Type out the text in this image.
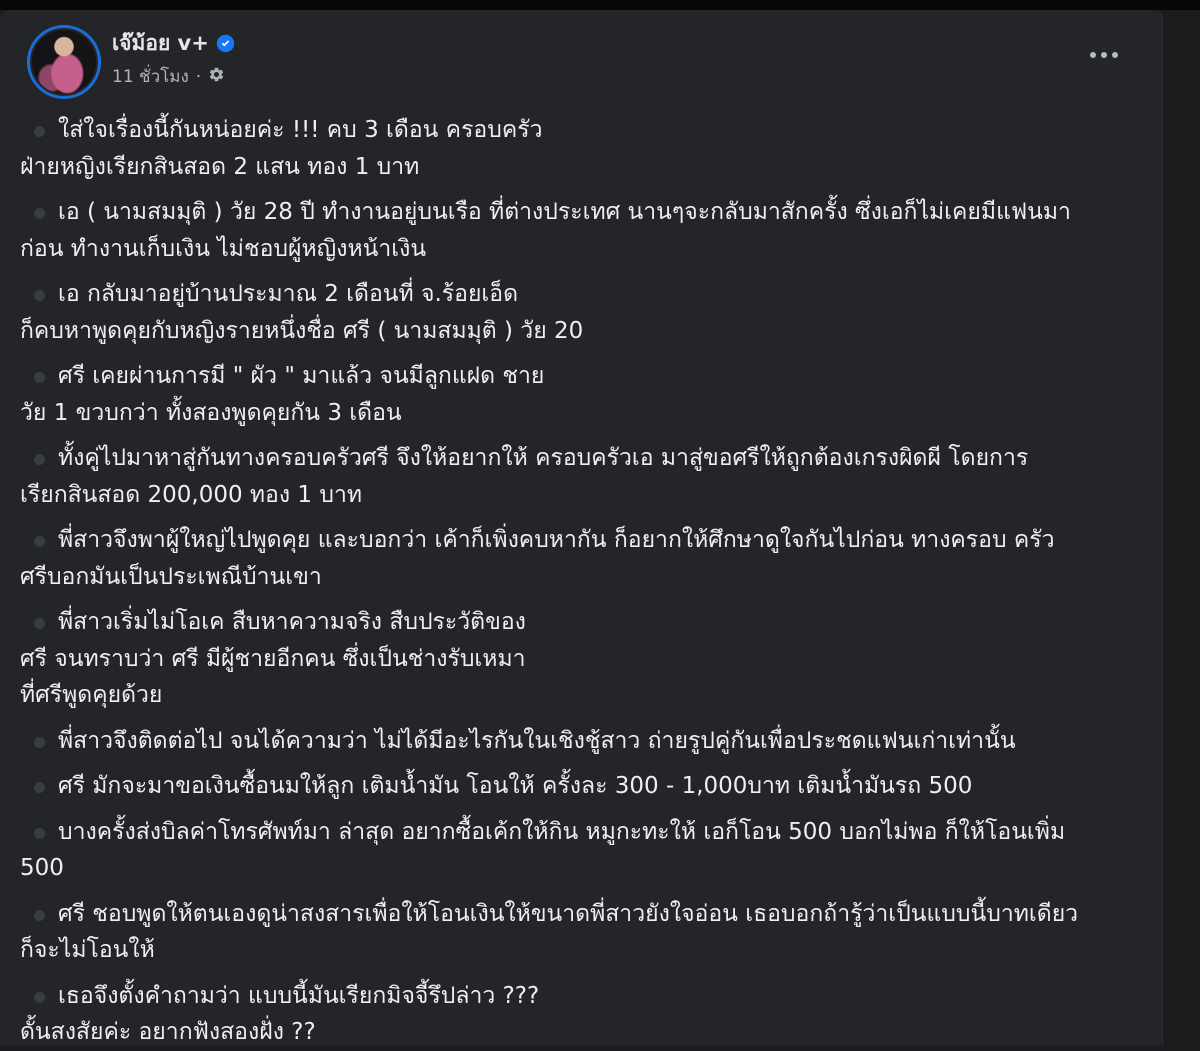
เจ๊ม้อย v+
11 ชั่วโมง ·
ใส่ใจเรื่องนี้กันหน่อยค่ะ !!! คบ 3 เดือน ครอบครัว
ฝ่ายหญิงเรียกสินสอด 2 แสน ทอง 1 บาท
เอ ( นามสมมุติ ) วัย 28 ปี ทำงานอยู่บนเรือ ที่ต่างประเทศ นานๆจะกลับมาสักครั้ง ซึ่งเอก็ไม่เคยมีแฟนมา
ก่อน ทำงานเก็บเงิน ไม่ชอบผู้หญิงหน้าเงิน
เอ กลับมาอยู่บ้านประมาณ 2 เดือนที่ จ.ร้อยเอ็ด
ก็คบหาพูดคุยกับหญิงรายหนึ่งชื่อ ศรี ( นามสมมุติ ) วัย 20
ศรี เคยผ่านการมี " ผัว " มาแล้ว จนมีลูกแฝด ชาย
วัย 1 ขวบกว่า ทั้งสองพูดคุยกัน 3 เดือน
ทั้งคู่ไปมาหาสู่กันทางครอบครัวศรี จึงให้อยากให้ ครอบครัวเอ มาสู่ขอศรีให้ถูกต้องเกรงผิดผี โดยการ
เรียกสินสอด 200,000 ทอง 1 บาท
พี่สาวจึงพาผู้ใหญ่ไปพูดคุย และบอกว่า เค้าก็เพิ่งคบหากัน ก็อยากให้ศึกษาดูใจกันไปก่อน ทางครอบ ครัว
ศรีบอกมันเป็นประเพณีบ้านเขา
พี่สาวเริ่มไม่โอเค สืบหาความจริง สืบประวัติของ
ศรี จนทราบว่า ศรี มีผู้ชายอีกคน ซึ่งเป็นช่างรับเหมา
ที่ศรีพูดคุยด้วย
พี่สาวจึงติดต่อไป จนได้ความว่า ไม่ได้มีอะไรกันในเชิงชู้สาว ถ่ายรูปคู่กันเพื่อประชดแฟนเก่าเท่านั้น
ศรี มักจะมาขอเงินซื้อนมให้ลูก เติมน้ำมัน โอนให้ ครั้งละ 300 - 1,000บาท เติมน้ำมันรถ 500
บางครั้งส่งบิลค่าโทรศัพท์มา ล่าสุด อยากซื้อเค้กให้กิน หมูกะทะให้ เอก็โอน 500 บอกไม่พอ ก็ให้โอนเพิ่ม
500
ศรี ชอบพูดให้ตนเองดูน่าสงสารเพื่อให้โอนเงินให้ขนาดพี่สาวยังใจอ่อน เธอบอกถ้ารู้ว่าเป็นแบบนี้บาทเดียว
ก็จะไม่โอนให้
เธอจึงตั้งคำถามว่า แบบนี้มันเรียกมิจจี้รึปล่าว ???
ดั้นสงสัยค่ะ อยากฟังสองฝั่ง ??
